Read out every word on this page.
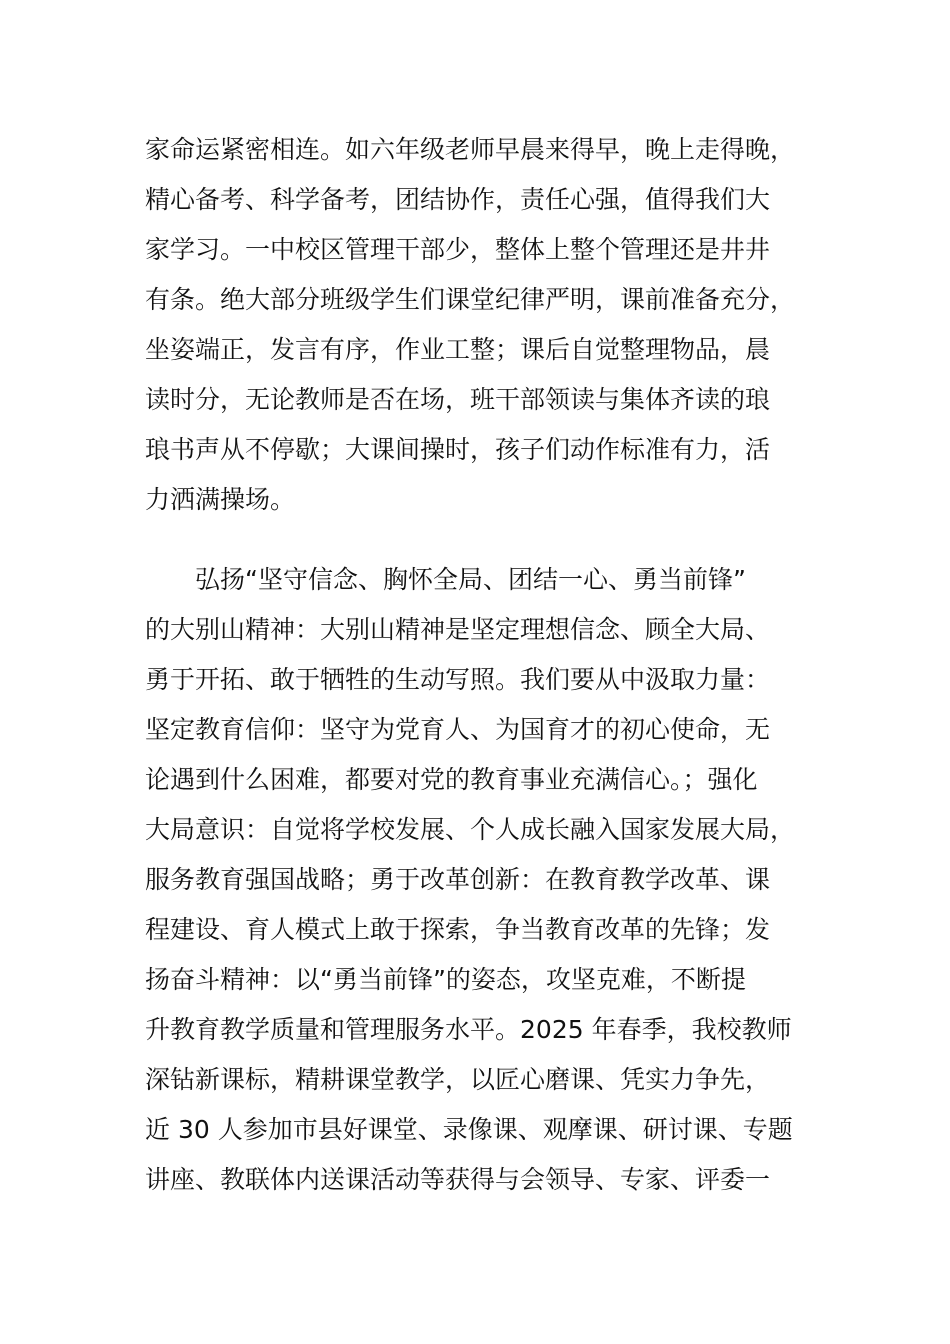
家命运紧密相连。如六年级老师早晨来得早，晚上走得晚，
精心备考、科学备考，团结协作，责任心强，值得我们大
家学习。一中校区管理干部少，整体上整个管理还是井井
有条。绝大部分班级学生们课堂纪律严明，课前准备充分，
坐姿端正，发言有序，作业工整；课后自觉整理物品，晨
读时分，无论教师是否在场，班干部领读与集体齐读的琅
琅书声从不停歇；大课间操时，孩子们动作标准有力，活
力洒满操场。
弘扬“坚守信念、胸怀全局、团结一心、勇当前锋”
的大别山精神：大别山精神是坚定理想信念、顾全大局、
勇于开拓、敢于牺牲的生动写照。我们要从中汲取力量：
坚定教育信仰：坚守为党育人、为国育才的初心使命，无
论遇到什么困难，都要对党的教育事业充满信心。；强化
大局意识：自觉将学校发展、个人成长融入国家发展大局，
服务教育强国战略；勇于改革创新：在教育教学改革、课
程建设、育人模式上敢于探索，争当教育改革的先锋；发
扬奋斗精神：以“勇当前锋”的姿态，攻坚克难，不断提
升教育教学质量和管理服务水平。2025 年春季，我校教师
深钻新课标，精耕课堂教学，以匠心磨课、凭实力争先，
近 30 人参加市县好课堂、录像课、观摩课、研讨课、专题
讲座、教联体内送课活动等获得与会领导、专家、评委一
